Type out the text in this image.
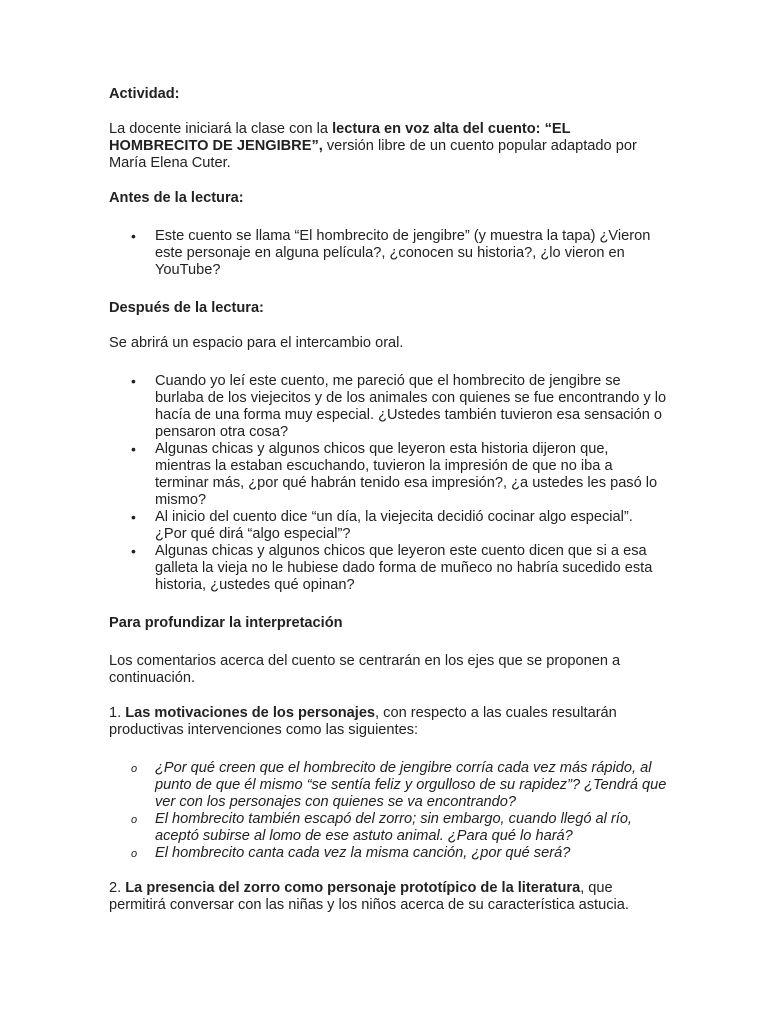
Actividad:

La docente iniciará la clase con la lectura en voz alta del cuento: “EL HOMBRECITO DE JENGIBRE”, versión libre de un cuento popular adaptado por María Elena Cuter.

Antes de la lectura:

• Este cuento se llama “El hombrecito de jengibre” (y muestra la tapa) ¿Vieron este personaje en alguna película?, ¿conocen su historia?, ¿lo vieron en YouTube?

Después de la lectura:

Se abrirá un espacio para el intercambio oral.

• Cuando yo leí este cuento, me pareció que el hombrecito de jengibre se burlaba de los viejecitos y de los animales con quienes se fue encontrando y lo hacía de una forma muy especial. ¿Ustedes también tuvieron esa sensación o pensaron otra cosa?
• Algunas chicas y algunos chicos que leyeron esta historia dijeron que, mientras la estaban escuchando, tuvieron la impresión de que no iba a terminar más, ¿por qué habrán tenido esa impresión?, ¿a ustedes les pasó lo mismo?
• Al inicio del cuento dice “un día, la viejecita decidió cocinar algo especial”. ¿Por qué dirá “algo especial”?
• Algunas chicas y algunos chicos que leyeron este cuento dicen que si a esa galleta la vieja no le hubiese dado forma de muñeco no habría sucedido esta historia, ¿ustedes qué opinan?

Para profundizar la interpretación

Los comentarios acerca del cuento se centrarán en los ejes que se proponen a continuación.

1. Las motivaciones de los personajes, con respecto a las cuales resultarán productivas intervenciones como las siguientes:

o ¿Por qué creen que el hombrecito de jengibre corría cada vez más rápido, al punto de que él mismo “se sentía feliz y orgulloso de su rapidez”? ¿Tendrá que ver con los personajes con quienes se va encontrando?
o El hombrecito también escapó del zorro; sin embargo, cuando llegó al río, aceptó subirse al lomo de ese astuto animal. ¿Para qué lo hará?
o El hombrecito canta cada vez la misma canción, ¿por qué será?

2. La presencia del zorro como personaje prototípico de la literatura, que permitirá conversar con las niñas y los niños acerca de su característica astucia.
